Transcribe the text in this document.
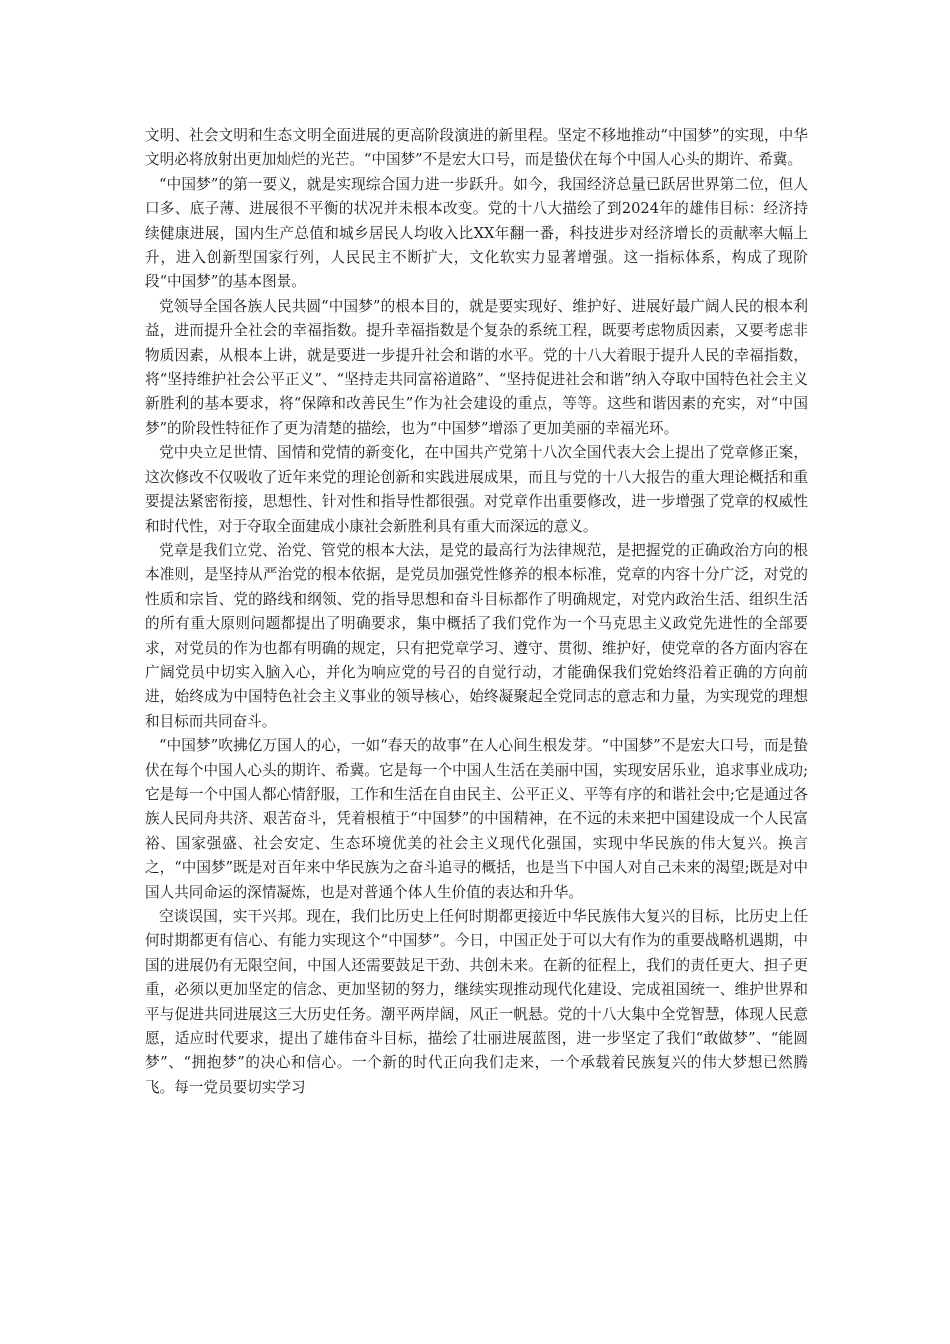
文明、社会文明和生态文明全面进展的更高阶段演进的新里程。坚定不移地推动“中国梦”的实现，中华文明必将放射出更加灿烂的光芒。“中国梦”不是宏大口号，而是蛰伏在每个中国人心头的期许、希冀。

“中国梦”的第一要义，就是实现综合国力进一步跃升。如今，我国经济总量已跃居世界第二位，但人口多、底子薄、进展很不平衡的状况并未根本改变。党的十八大描绘了到2024年的雄伟目标：经济持续健康进展，国内生产总值和城乡居民人均收入比XX年翻一番，科技进步对经济增长的贡献率大幅上升，进入创新型国家行列，人民民主不断扩大，文化软实力显著增强。这一指标体系，构成了现阶段“中国梦”的基本图景。

党领导全国各族人民共圆“中国梦”的根本目的，就是要实现好、维护好、进展好最广阔人民的根本利益，进而提升全社会的幸福指数。提升幸福指数是个复杂的系统工程，既要考虑物质因素，又要考虑非物质因素，从根本上讲，就是要进一步提升社会和谐的水平。党的十八大着眼于提升人民的幸福指数，将“坚持维护社会公平正义”、“坚持走共同富裕道路”、“坚持促进社会和谐”纳入夺取中国特色社会主义新胜利的基本要求，将“保障和改善民生”作为社会建设的重点，等等。这些和谐因素的充实，对“中国梦”的阶段性特征作了更为清楚的描绘，也为“中国梦”增添了更加美丽的幸福光环。

党中央立足世情、国情和党情的新变化，在中国共产党第十八次全国代表大会上提出了党章修正案，这次修改不仅吸收了近年来党的理论创新和实践进展成果，而且与党的十八大报告的重大理论概括和重要提法紧密衔接，思想性、针对性和指导性都很强。对党章作出重要修改，进一步增强了党章的权威性和时代性，对于夺取全面建成小康社会新胜利具有重大而深远的意义。

党章是我们立党、治党、管党的根本大法，是党的最高行为法律规范，是把握党的正确政治方向的根本准则，是坚持从严治党的根本依据，是党员加强党性修养的根本标准，党章的内容十分广泛，对党的性质和宗旨、党的路线和纲领、党的指导思想和奋斗目标都作了明确规定，对党内政治生活、组织生活的所有重大原则问题都提出了明确要求，集中概括了我们党作为一个马克思主义政党先进性的全部要求，对党员的作为也都有明确的规定，只有把党章学习、遵守、贯彻、维护好，使党章的各方面内容在广阔党员中切实入脑入心，并化为响应党的号召的自觉行动，才能确保我们党始终沿着正确的方向前进，始终成为中国特色社会主义事业的领导核心，始终凝聚起全党同志的意志和力量，为实现党的理想和目标而共同奋斗。

“中国梦”吹拂亿万国人的心，一如“春天的故事”在人心间生根发芽。“中国梦”不是宏大口号，而是蛰伏在每个中国人心头的期许、希冀。它是每一个中国人生活在美丽中国，实现安居乐业，追求事业成功;它是每一个中国人都心情舒服，工作和生活在自由民主、公平正义、平等有序的和谐社会中;它是通过各族人民同舟共济、艰苦奋斗，凭着根植于“中国梦”的中国精神，在不远的未来把中国建设成一个人民富裕、国家强盛、社会安定、生态环境优美的社会主义现代化强国，实现中华民族的伟大复兴。换言之，“中国梦”既是对百年来中华民族为之奋斗追寻的概括，也是当下中国人对自己未来的渴望;既是对中国人共同命运的深情凝炼，也是对普通个体人生价值的表达和升华。

空谈误国，实干兴邦。现在，我们比历史上任何时期都更接近中华民族伟大复兴的目标，比历史上任何时期都更有信心、有能力实现这个“中国梦”。今日，中国正处于可以大有作为的重要战略机遇期，中国的进展仍有无限空间，中国人还需要鼓足干劲、共创未来。在新的征程上，我们的责任更大、担子更重，必须以更加坚定的信念、更加坚韧的努力，继续实现推动现代化建设、完成祖国统一、维护世界和平与促进共同进展这三大历史任务。潮平两岸阔，风正一帆悬。党的十八大集中全党智慧，体现人民意愿，适应时代要求，提出了雄伟奋斗目标，描绘了壮丽进展蓝图，进一步坚定了我们“敢做梦”、“能圆梦”、“拥抱梦”的决心和信心。一个新的时代正向我们走来，一个承载着民族复兴的伟大梦想已然腾飞。每一党员要切实学习
